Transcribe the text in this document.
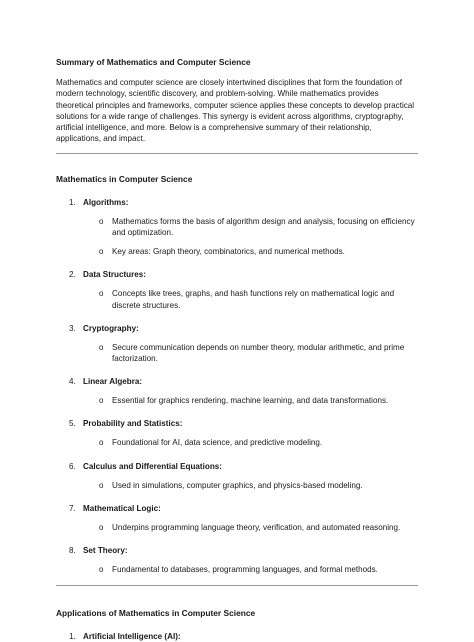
Summary of Mathematics and Computer Science

Mathematics and computer science are closely intertwined disciplines that form the foundation of modern technology, scientific discovery, and problem-solving. While mathematics provides theoretical principles and frameworks, computer science applies these concepts to develop practical solutions for a wide range of challenges. This synergy is evident across algorithms, cryptography, artificial intelligence, and more. Below is a comprehensive summary of their relationship, applications, and impact.

Mathematics in Computer Science

1. Algorithms:
o	Mathematics forms the basis of algorithm design and analysis, focusing on efficiency and optimization.
o	Key areas: Graph theory, combinatorics, and numerical methods.
2. Data Structures:
o	Concepts like trees, graphs, and hash functions rely on mathematical logic and discrete structures.
3. Cryptography:
o	Secure communication depends on number theory, modular arithmetic, and prime factorization.
4. Linear Algebra:
o	Essential for graphics rendering, machine learning, and data transformations.
5. Probability and Statistics:
o	Foundational for AI, data science, and predictive modeling.
6. Calculus and Differential Equations:
o	Used in simulations, computer graphics, and physics-based modeling.
7. Mathematical Logic:
o	Underpins programming language theory, verification, and automated reasoning.
8. Set Theory:
o	Fundamental to databases, programming languages, and formal methods.

Applications of Mathematics in Computer Science

1. Artificial Intelligence (AI):
